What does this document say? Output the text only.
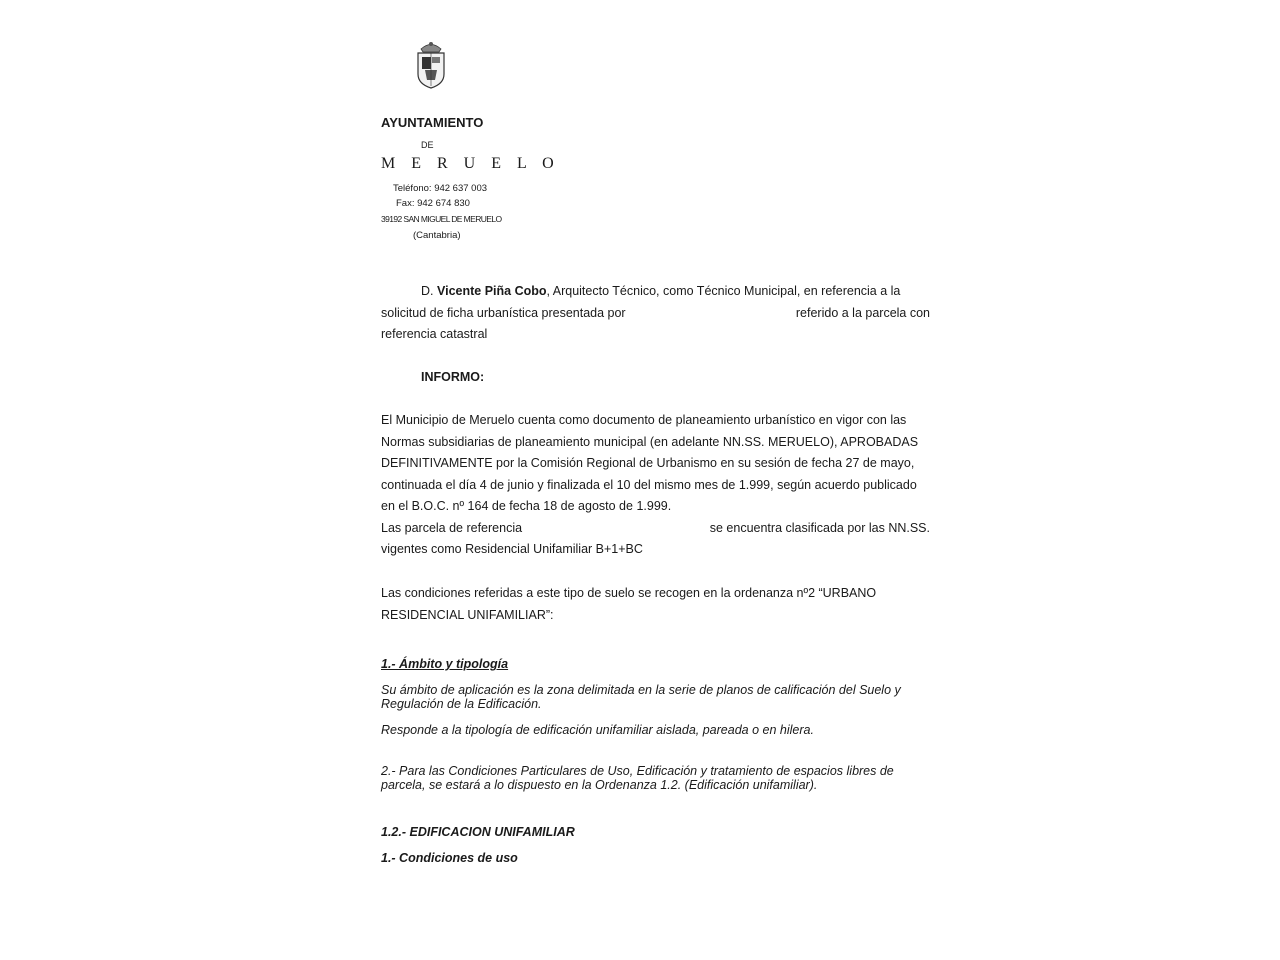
AYUNTAMIENTO

DE

M E R U E L O

Teléfono: 942 637 003

Fax: 942 674 830

39192 SAN MIGUEL DE MERUELO

(Cantabria)

D. Vicente Piña Cobo, Arquitecto Técnico, como Técnico Municipal, en referencia a la
solicitud de ficha urbanística presentada por	referido a la parcela con
referencia catastral

INFORMO:

El Municipio de Meruelo cuenta como documento de planeamiento urbanístico en vigor con las
Normas subsidiarias de planeamiento municipal (en adelante NN.SS. MERUELO), APROBADAS
DEFINITIVAMENTE por la Comisión Regional de Urbanismo en su sesión de fecha 27 de mayo,
continuada el día 4 de junio y finalizada el 10 del mismo mes de 1.999, según acuerdo publicado
en el B.O.C. nº 164 de fecha 18 de agosto de 1.999.
Las parcela de referencia	se encuentra clasificada por las NN.SS.
vigentes como Residencial Unifamiliar B+1+BC
Las condiciones referidas a este tipo de suelo se recogen en la ordenanza nº2 “URBANO
RESIDENCIAL UNIFAMILIAR”:

1.- Ámbito y tipología

Su ámbito de aplicación es la zona delimitada en la serie de planos de calificación del Suelo y Regulación de la Edificación.

Responde a la tipología de edificación unifamiliar aislada, pareada o en hilera.

2.- Para las Condiciones Particulares de Uso, Edificación y tratamiento de espacios libres de parcela, se estará a lo dispuesto en la Ordenanza 1.2. (Edificación unifamiliar).

1.2.- EDIFICACION UNIFAMILIAR

1.- Condiciones de uso
